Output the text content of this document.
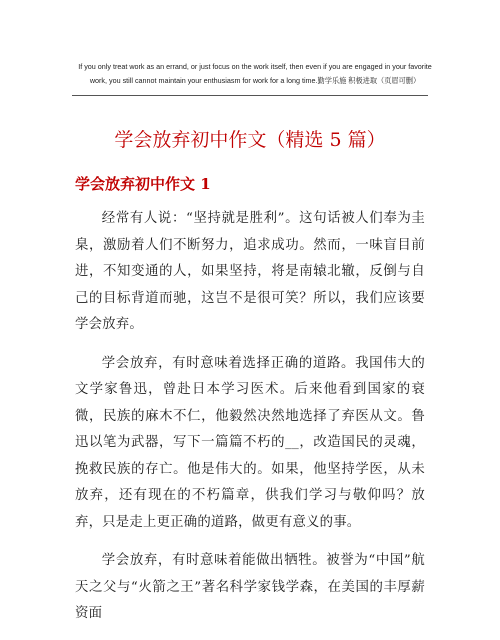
If you only treat work as an errand, or just focus on the work itself, then even if you are engaged in your favorite work, you still cannot maintain your enthusiasm for work for a long time.勤学乐施 积极进取（页眉可删）
学会放弃初中作文（精选 5 篇）
学会放弃初中作文 1

经常有人说：“坚持就是胜利”。这句话被人们奉为圭臬，激励着人们不断努力，追求成功。然而，一味盲目前进，不知变通的人，如果坚持，将是南辕北辙，反倒与自己的目标背道而驰，这岂不是很可笑？所以，我们应该要学会放弃。

学会放弃，有时意味着选择正确的道路。我国伟大的文学家鲁迅，曾赴日本学习医术。后来他看到国家的衰微，民族的麻木不仁，他毅然决然地选择了弃医从文。鲁迅以笔为武器，写下一篇篇不朽的__，改造国民的灵魂，挽救民族的存亡。他是伟大的。如果，他坚持学医，从未放弃，还有现在的不朽篇章，供我们学习与敬仰吗？放弃，只是走上更正确的道路，做更有意义的事。

学会放弃，有时意味着能做出牺牲。被誉为“中国”航天之父与“火箭之王”著名科学家钱学森，在美国的丰厚薪资面
